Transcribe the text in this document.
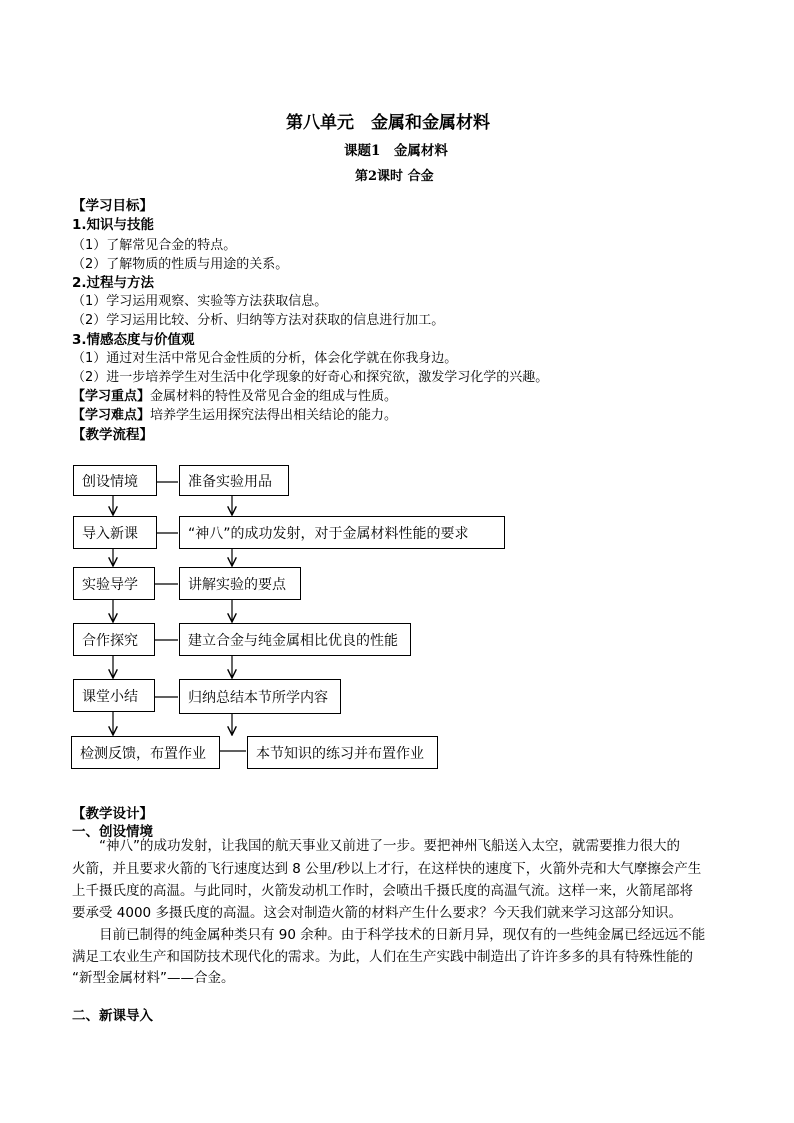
第八单元　金属和金属材料
课题1　金属材料
第2课时 合金
【学习目标】
1.知识与技能
（1）了解常见合金的特点。
（2）了解物质的性质与用途的关系。
2.过程与方法
（1）学习运用观察、实验等方法获取信息。
（2）学习运用比较、分析、归纳等方法对获取的信息进行加工。
3.情感态度与价值观
（1）通过对生活中常见合金性质的分析，体会化学就在你我身边。
（2）进一步培养学生对生活中化学现象的好奇心和探究欲，激发学习化学的兴趣。
【学习重点】金属材料的特性及常见合金的组成与性质。
【学习难点】培养学生运用探究法得出相关结论的能力。
【教学流程】
创设情境
导入新课
实验导学
合作探究
课堂小结
检测反馈，布置作业
准备实验用品
“神八”的成功发射，对于金属材料性能的要求
讲解实验的要点
建立合金与纯金属相比优良的性能
归纳总结本节所学内容
本节知识的练习并布置作业
【教学设计】
一、创设情境
“神八”的成功发射，让我国的航天事业又前进了一步。要把神州飞船送入太空，就需要推力很大的
火箭，并且要求火箭的飞行速度达到 8 公里/秒以上才行，在这样快的速度下，火箭外壳和大气摩擦会产生
上千摄氏度的高温。与此同时，火箭发动机工作时，会喷出千摄氏度的高温气流。这样一来，火箭尾部将
要承受 4000 多摄氏度的高温。这会对制造火箭的材料产生什么要求？今天我们就来学习这部分知识。
目前已制得的纯金属种类只有 90 余种。由于科学技术的日新月异，现仅有的一些纯金属已经远远不能
满足工农业生产和国防技术现代化的需求。为此，人们在生产实践中制造出了许许多多的具有特殊性能的
“新型金属材料”——合金。
二、新课导入
